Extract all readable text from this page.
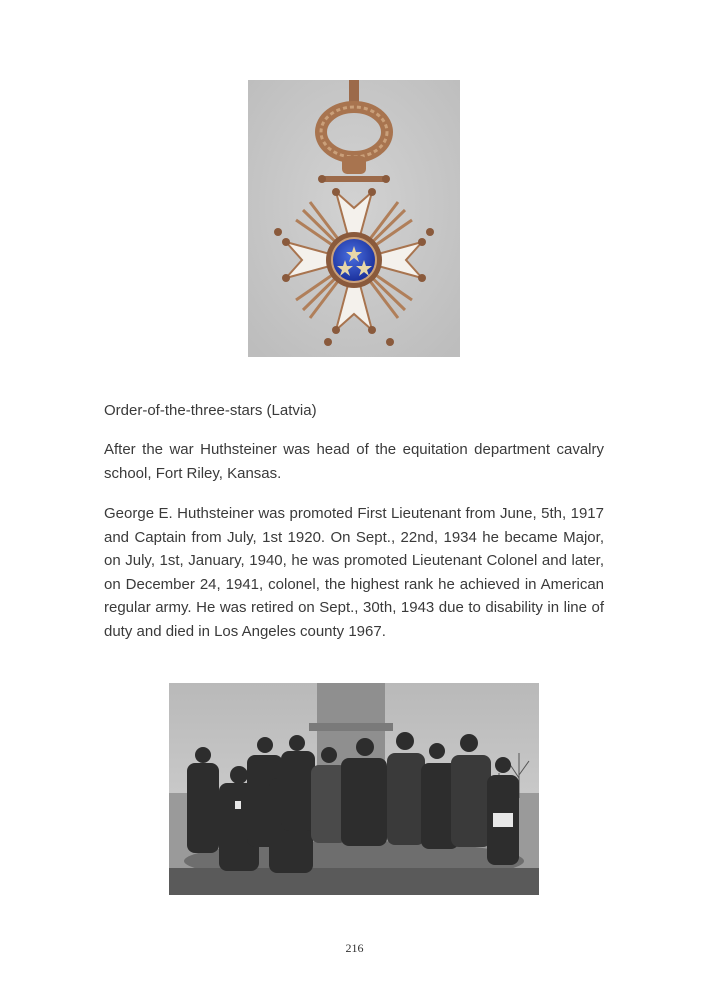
Order-of-the-three-stars (Latvia)
After the war Huthsteiner was head of the equitation department cavalry school, Fort Riley, Kansas.
George E. Huthsteiner was promoted First Lieutenant from June, 5th, 1917 and Captain from July, 1st 1920. On Sept., 22nd, 1934 he became Major, on July, 1st, January, 1940, he was promoted Lieutenant Colonel and later, on December 24, 1941, colonel, the highest rank he achieved in American regular army. He was retired on Sept., 30th, 1943 due to disability in line of duty and died in Los Angeles county 1967.
216
